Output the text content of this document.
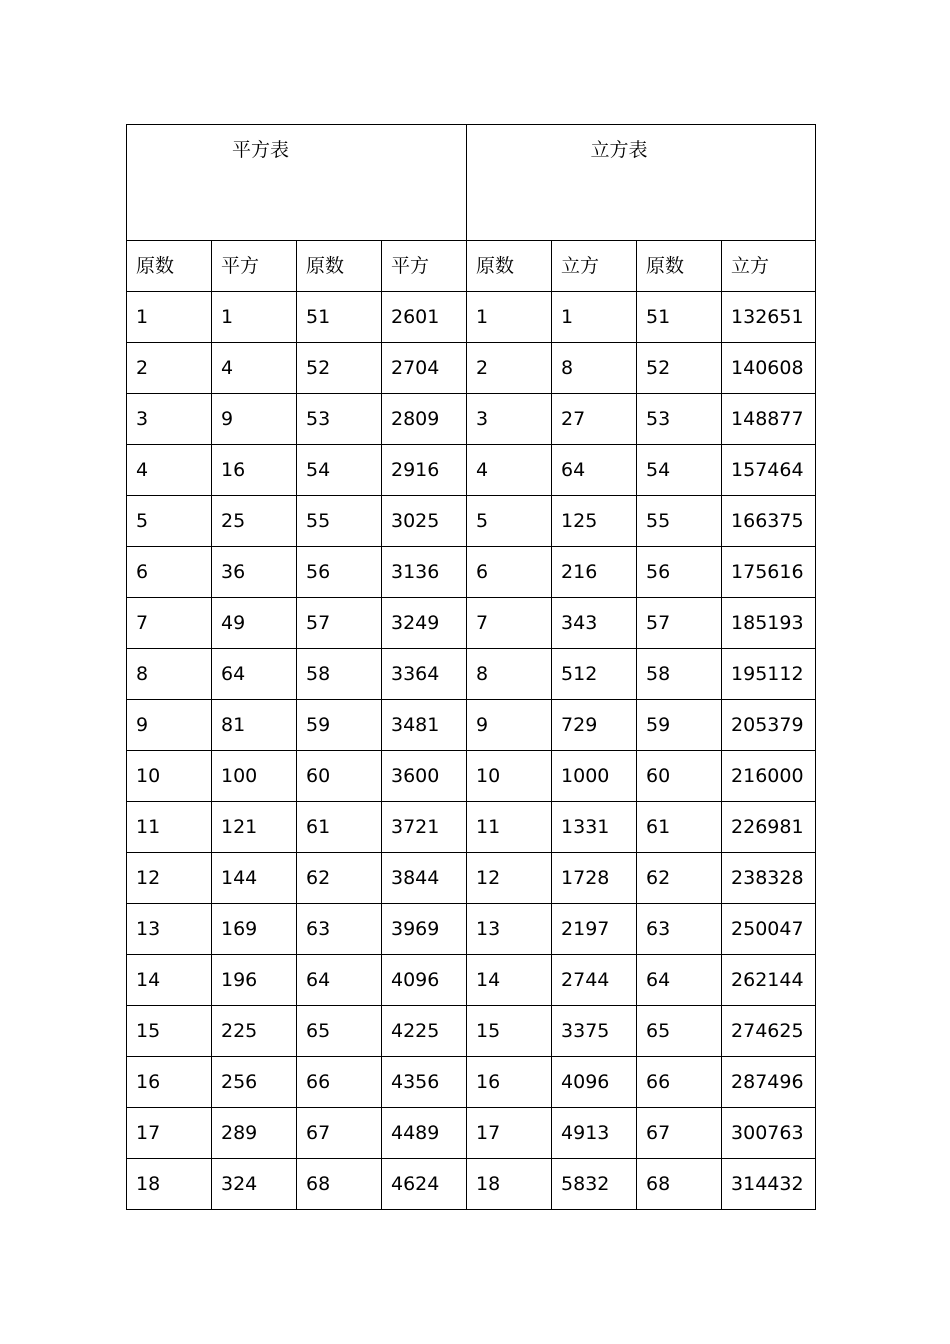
平方表				立方表			
原数	平方	原数	平方	原数	立方	原数	立方
1	1	51	2601	1	1	51	132651
2	4	52	2704	2	8	52	140608
3	9	53	2809	3	27	53	148877
4	16	54	2916	4	64	54	157464
5	25	55	3025	5	125	55	166375
6	36	56	3136	6	216	56	175616
7	49	57	3249	7	343	57	185193
8	64	58	3364	8	512	58	195112
9	81	59	3481	9	729	59	205379
10	100	60	3600	10	1000	60	216000
11	121	61	3721	11	1331	61	226981
12	144	62	3844	12	1728	62	238328
13	169	63	3969	13	2197	63	250047
14	196	64	4096	14	2744	64	262144
15	225	65	4225	15	3375	65	274625
16	256	66	4356	16	4096	66	287496
17	289	67	4489	17	4913	67	300763
18	324	68	4624	18	5832	68	314432
